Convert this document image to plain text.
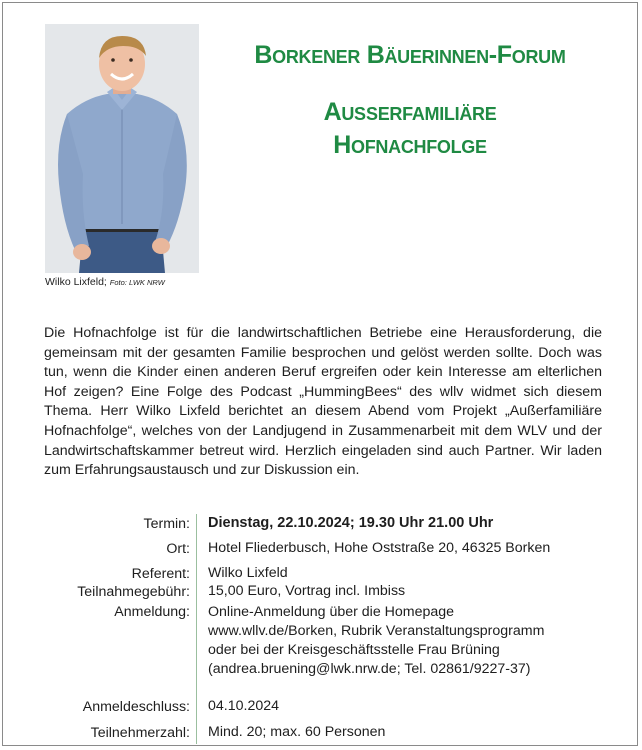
Wilko Lixfeld; Foto: LWK NRW
Borkener Bäuerinnen-Forum
Außerfamiliäre
Hofnachfolge
Die Hofnachfolge ist für die landwirtschaftlichen Betriebe eine Herausforderung, die gemeinsam mit der gesamten Familie besprochen und gelöst werden sollte. Doch was tun, wenn die Kinder einen anderen Beruf ergreifen oder kein Interesse am elterlichen Hof zeigen? Eine Folge des Podcast „HummingBees“ des wllv widmet sich diesem Thema. Herr Wilko Lixfeld berichtet an diesem Abend vom Projekt „Außerfamiliäre Hofnachfolge“, welches von der Landjugend in Zusammenarbeit mit dem WLV und der Landwirtschaftskammer betreut wird. Herzlich eingeladen sind auch Partner. Wir laden zum Erfahrungsaustausch und zur Diskussion ein.
Termin: Dienstag, 22.10.2024; 19.30 Uhr 21.00 Uhr
Ort: Hotel Fliederbusch, Hohe Oststraße 20, 46325 Borken
Referent: Wilko Lixfeld
Teilnahmegebühr: 15,00 Euro, Vortrag incl. Imbiss
Anmeldung: Online-Anmeldung über die Homepage
www.wllv.de/Borken, Rubrik Veranstaltungsprogramm
oder bei der Kreisgeschäftsstelle Frau Brüning
(andrea.bruening@lwk.nrw.de; Tel. 02861/9227-37)
Anmeldeschluss: 04.10.2024
Teilnehmerzahl: Mind. 20; max. 60 Personen
